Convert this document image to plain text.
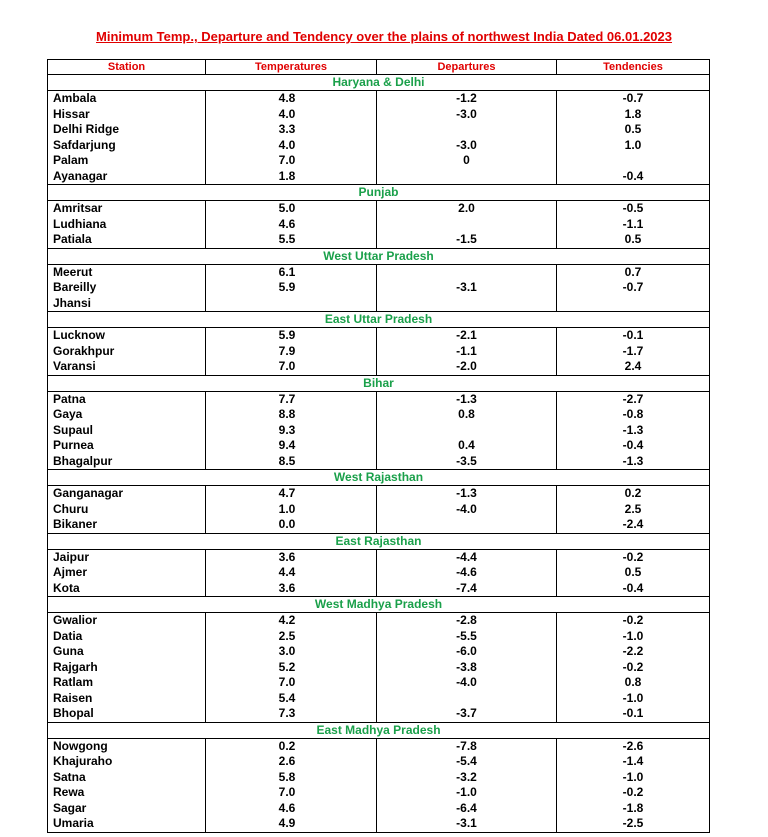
Minimum Temp., Departure and Tendency over the plains of northwest India Dated 06.01.2023
Station	Temperatures	Departures	Tendencies
Haryana & Delhi			
Ambala	4.8	-1.2	-0.7
Hissar	4.0	-3.0	1.8
Delhi Ridge	3.3		0.5
Safdarjung	4.0	-3.0	1.0
Palam	7.0	0	
Ayanagar	1.8		-0.4
Punjab			
Amritsar	5.0	2.0	-0.5
Ludhiana	4.6		-1.1
Patiala	5.5	-1.5	0.5
West Uttar Pradesh			
Meerut	6.1		0.7
Bareilly	5.9	-3.1	-0.7
Jhansi			
East Uttar Pradesh			
Lucknow	5.9	-2.1	-0.1
Gorakhpur	7.9	-1.1	-1.7
Varansi	7.0	-2.0	2.4
Bihar			
Patna	7.7	-1.3	-2.7
Gaya	8.8	0.8	-0.8
Supaul	9.3		-1.3
Purnea	9.4	0.4	-0.4
Bhagalpur	8.5	-3.5	-1.3
West Rajasthan			
Ganganagar	4.7	-1.3	0.2
Churu	1.0	-4.0	2.5
Bikaner	0.0		-2.4
East Rajasthan			
Jaipur	3.6	-4.4	-0.2
Ajmer	4.4	-4.6	0.5
Kota	3.6	-7.4	-0.4
West Madhya Pradesh			
Gwalior	4.2	-2.8	-0.2
Datia	2.5	-5.5	-1.0
Guna	3.0	-6.0	-2.2
Rajgarh	5.2	-3.8	-0.2
Ratlam	7.0	-4.0	0.8
Raisen	5.4		-1.0
Bhopal	7.3	-3.7	-0.1
East Madhya Pradesh			
Nowgong	0.2	-7.8	-2.6
Khajuraho	2.6	-5.4	-1.4
Satna	5.8	-3.2	-1.0
Rewa	7.0	-1.0	-0.2
Sagar	4.6	-6.4	-1.8
Umaria	4.9	-3.1	-2.5
